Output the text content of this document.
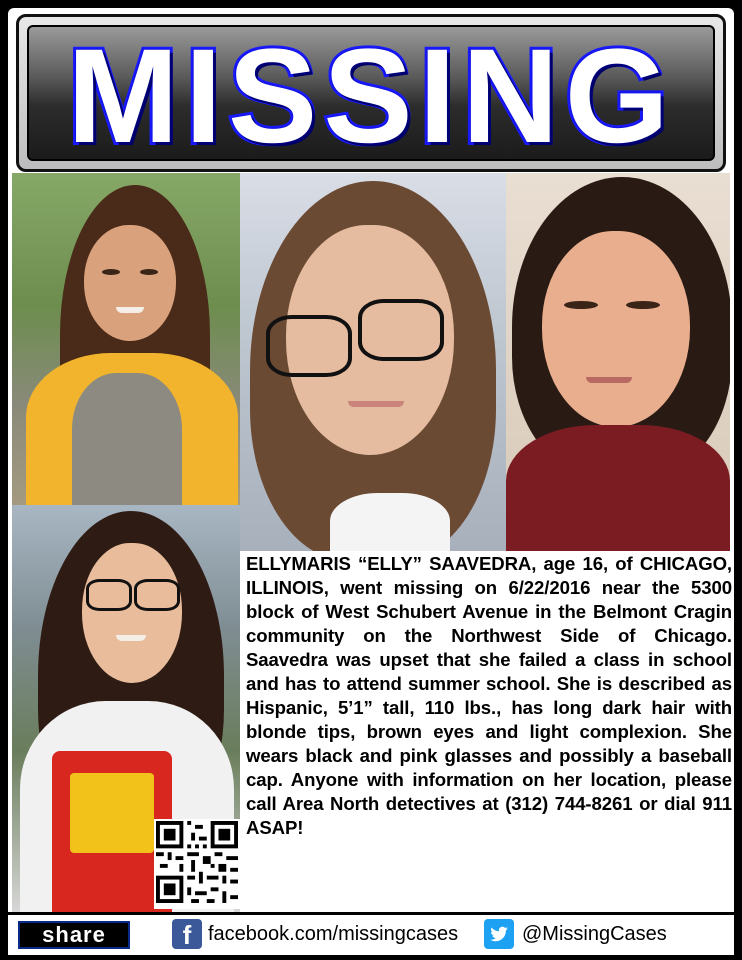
MISSING
ELLYMARIS “ELLY” SAAVEDRA, age 16, of CHICAGO, ILLINOIS, went missing on 6/22/2016 near the 5300 block of West Schubert Avenue in the Belmont Cragin community on the Northwest Side of Chicago. Saavedra was upset that she failed a class in school and has to attend summer school. She is described as Hispanic, 5’1” tall, 110 lbs., has long dark hair with blonde tips, brown eyes and light complexion. She wears black and pink glasses and possibly a baseball cap. Anyone with information on her location, please call Area North detectives at (312) 744-8261 or dial 911 ASAP!
share	f facebook.com/missingcases	@MissingCases
